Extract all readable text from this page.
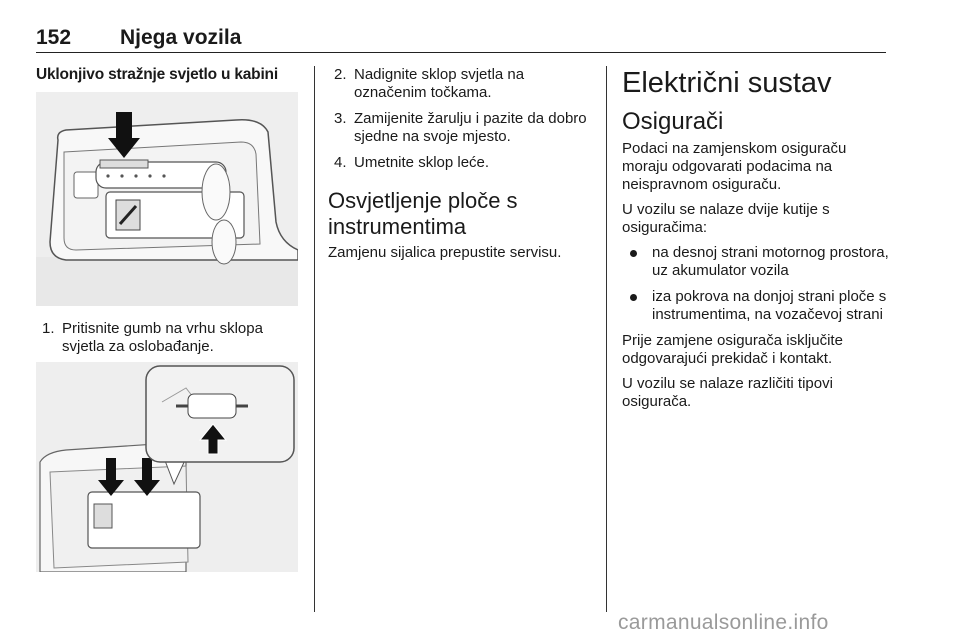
152 Njega vozila
Uklonjivo stražnje svjetlo u kabini
1. Pritisnite gumb na vrhu sklopa svjetla za oslobađanje.
2. Nadignite sklop svjetla na označenim točkama.
3. Zamijenite žarulju i pazite da dobro sjedne na svoje mjesto.
4. Umetnite sklop leće.
Osvjetljenje ploče s instrumentima

Zamjenu sijalica prepustite servisu.

Električni sustav
Osigurači

Podaci na zamjenskom osiguraču moraju odgovarati podacima na neispravnom osiguraču.

U vozilu se nalaze dvije kutije s osiguračima:

na desnoj strani motornog prostora, uz akumulator vozila
iza pokrova na donjoj strani ploče s instrumentima, na vozačevoj strani

Prije zamjene osigurača isključite odgovarajući prekidač i kontakt.

U vozilu se nalaze različiti tipovi osigurača.

carmanualsonline.info
